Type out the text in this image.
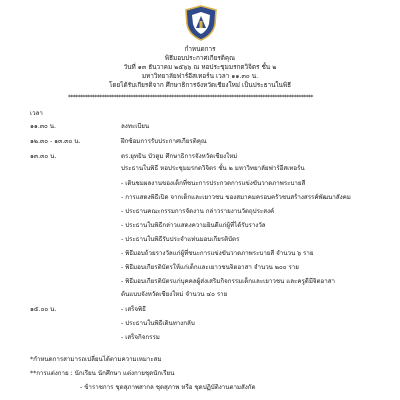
กำหนดการ
พิธีมอบประกาศเกียรติคุณ
วันที่ ๑๓ ธันวาคม ๒๕๖๖ ณ หอประชุมมรกตวิจิตร ชั้น ๒
มหาวิทยาลัยฟาร์อีสเทอร์น เวลา ๑๑.๓๐ น.
โดยได้รับเกียรติจาก ศึกษาธิการจังหวัดเชียงใหม่ เป็นประธานในพิธี
******************************************************************************************************
เวลา
๑๑.๓๐ น.	ลงทะเบียน
๑๒.๓๐ - ๑๓.๓๐ น.	ฝึกซ้อมการรับประกาศเกียรติคุณ
๑๓.๓๐ น.	ดร.ยุทธิน บัวตูม ศึกษาธิการจังหวัดเชียงใหม่
ประธานในพิธี หอประชุมมรกตวิจิตร ชั้น ๒ มหาวิทยาลัยฟาร์อีสเทอร์น
- เดินชมผลงานของเด็กที่ชนะการประกวดการแข่งขันวาดภาพระบายสี
- การแสดงพิธีเปิด จากเด็กและเยาวชน ของสมาคมครอบครัวชนสร้างสรรค์พัฒนาสังคม
- ประธานคณะกรรมการจัดงาน กล่าวรายงานวัตถุประสงค์
- ประธานในพิธีกล่าวแสดงความยินดีแก่ผู้ที่ได้รับรางวัล
- ประธานในพิธีรับประจำแท่นมอบเกียรติบัตร
- พิธีมอบถ้วยรางวัลแก่ผู้ที่ชนะการแข่งขันวาดภาพระบายสี จำนวน ๖ ราย
- พิธีมอบเกียรติบัตรให้แก่เด็กและเยาวชนจิตอาสา จำนวน ๒๐๐ ราย
- พิธีมอบเกียรติบัตรแก่บุคคลผู้ส่งเสริมกิจกรรมเด็กและเยาวชน และครูดีมีจิตอาสา
ต้นแบบจังหวัดเชียงใหม่ จำนวน ๔๐ ราย
๑๕.๐๐ น.	- เสร็จพิธี
- ประธานในพิธีเดินทางกลับ
- เสร็จกิจกรรม
*กำหนดการสามารถเปลี่ยนได้ตามความเหมาะสม
**การแต่งกาย : นักเรียน นักศึกษา แต่งกายชุดนักเรียน
- ข้าราชการ ชุดสุภาพสากล ชุดสุภาพ หรือ ชุดปฏิบัติงานตามสังกัด
